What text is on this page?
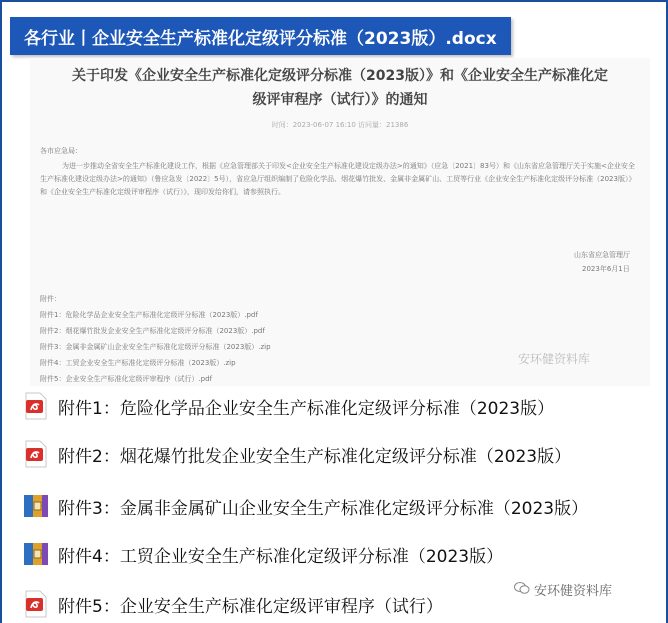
各行业丨企业安全生产标准化定级评分标准（2023版）.docx
关于印发《企业安全生产标准化定级评分标准（2023版）》和《企业安全生产标准化定
级评审程序（试行）》的通知
时间：2023-06-07 16:10 访问量：21386
各市应急局：
为进一步推动全省安全生产标准化建设工作，根据《应急管理部关于印发<企业安全生产标准化建设定级办法>的通知》（应急〔2021〕83号）和《山东省应急管理厅关于实施<企业安全生产标准化建设定级办法>的通知》（鲁应急发〔2022〕5号），省应急厅组织编制了危险化学品、烟花爆竹批发、金属非金属矿山、工贸等行业《企业安全生产标准化定级评分标准（2023版）》和《企业安全生产标准化定级评审程序（试行）》，现印发给你们，请参照执行。
山东省应急管理厅
2023年6月1日
附件：
附件1：危险化学品企业安全生产标准化定级评分标准（2023版）.pdf
附件2：烟花爆竹批发企业安全生产标准化定级评分标准（2023版）.pdf
附件3：金属非金属矿山企业安全生产标准化定级评分标准（2023版）.zip
附件4：工贸企业安全生产标准化定级评分标准（2023版）.zip
附件5：企业安全生产标准化定级评审程序（试行）.pdf
安环健资料库
附件1：危险化学品企业安全生产标准化定级评分标准（2023版）
附件2：烟花爆竹批发企业安全生产标准化定级评分标准（2023版）
附件3：金属非金属矿山企业安全生产标准化定级评分标准（2023版）
附件4：工贸企业安全生产标准化定级评分标准（2023版）
附件5：企业安全生产标准化定级评审程序（试行）
安环健资料库
